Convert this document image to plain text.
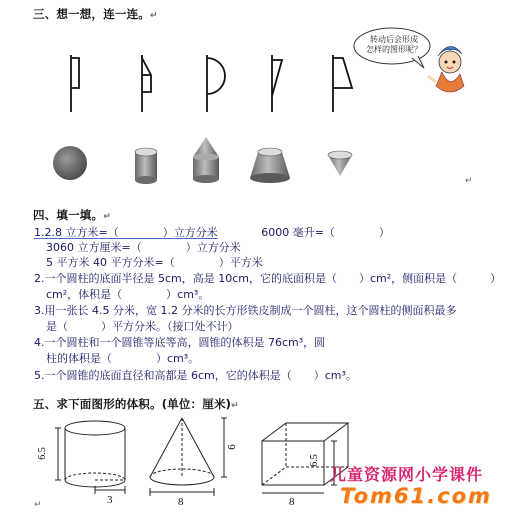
三、想一想，连一连。↵
转动后会形成
怎样的图形呢？
↵
四、填一填。↵
1.2.8 立方米=（　　　　）立方分米	6000 毫升=（　　　　）
3060 立方厘米=（　　　　）立方分米
5 平方米 40 平方分米=（　　　　）平方米
2.一个圆柱的底面半径是 5cm，高是 10cm，它的底面积是（　　）cm²，侧面积是（　　　）
cm²，体积是（　　　　）cm³。
3.用一张长 4.5 分米，宽 1.2 分米的长方形铁皮制成一个圆柱，这个圆柱的侧面积最多
是（　　　）平方分米。（接口处不计）
4.一个圆柱和一个圆锥等底等高，圆锥的体积是 76cm³，圆
柱的体积是（　　　　）cm³。
5.一个圆锥的底面直径和高都是 6cm，它的体积是（　　）cm³。
五、求下面图形的体积。(单位：厘米)↵
6.5
3
6
8
6.5
8
↵
儿童资源网小学课件
Tom61.com
